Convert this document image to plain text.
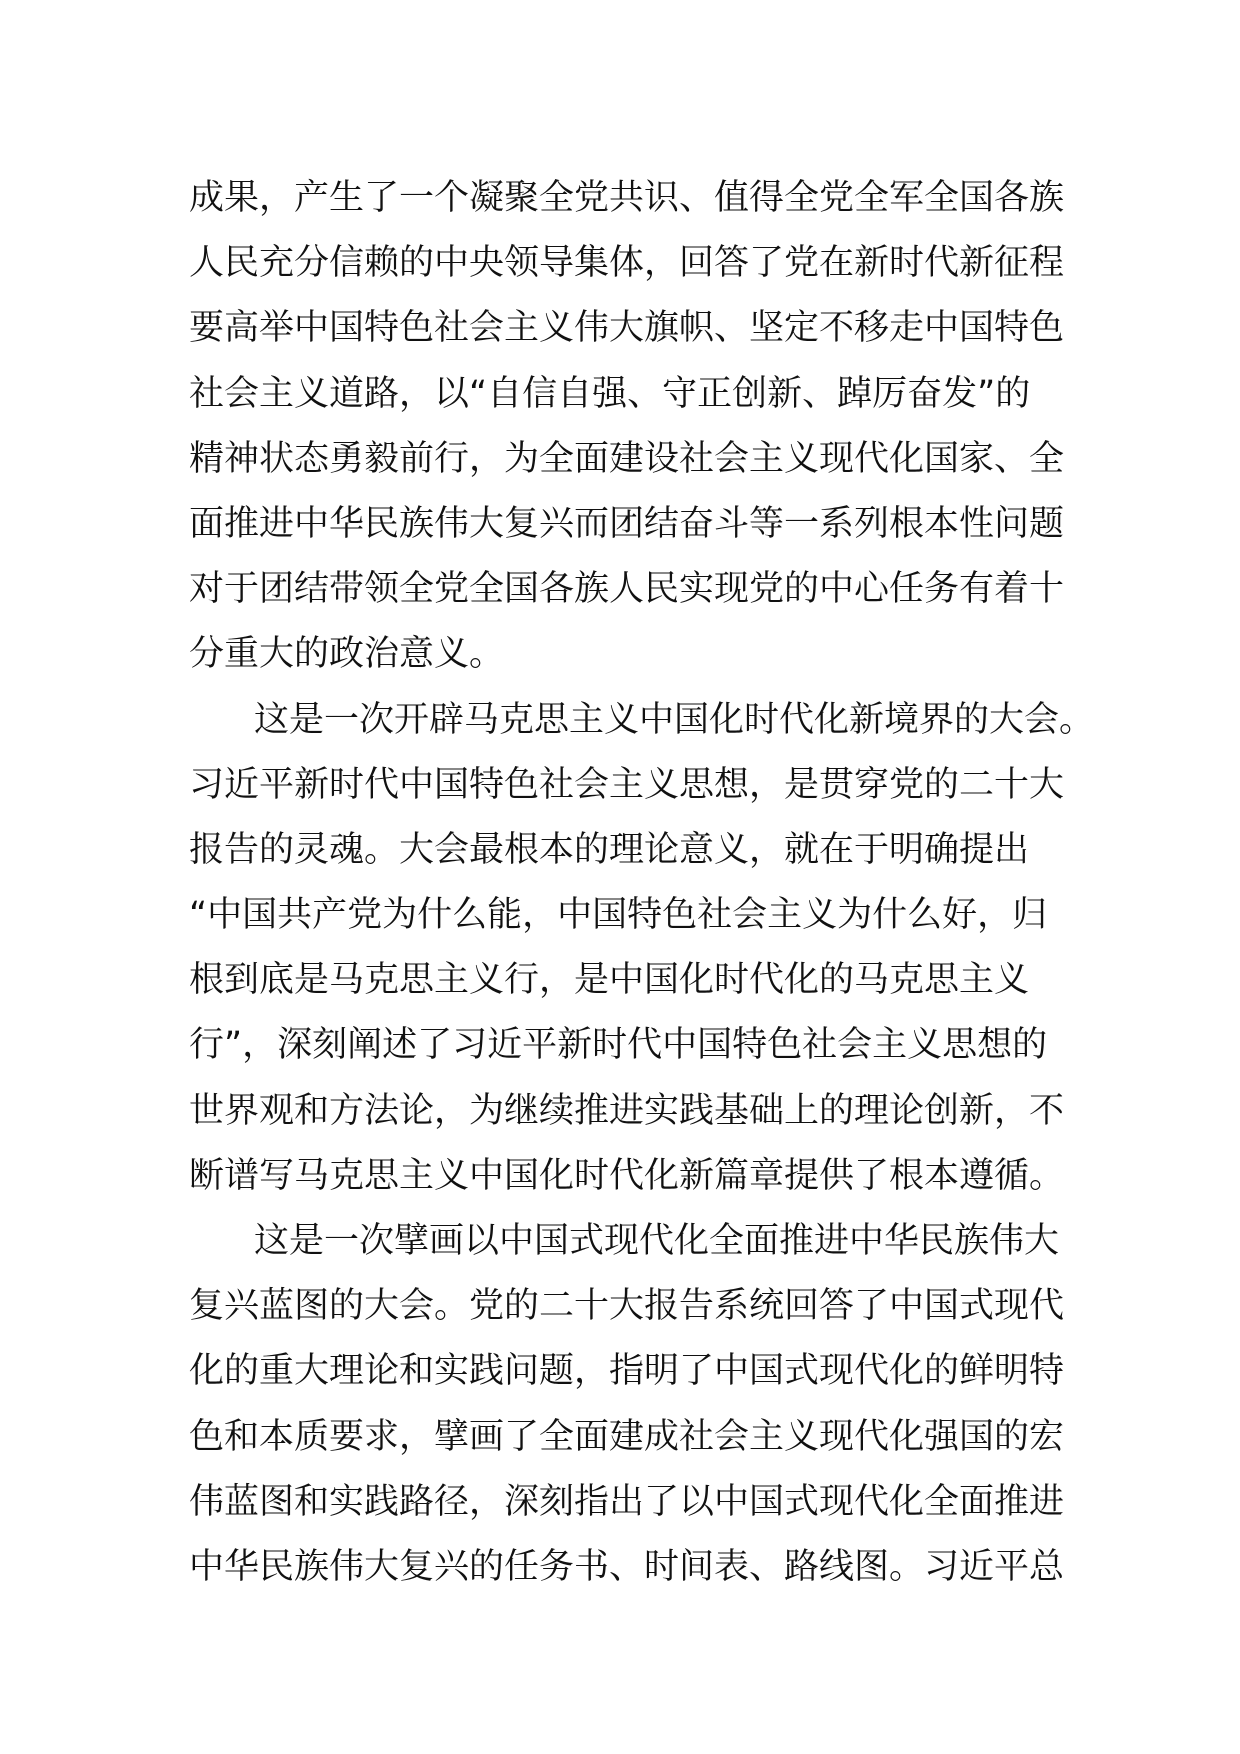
成果，产生了一个凝聚全党共识、值得全党全军全国各族
人民充分信赖的中央领导集体，回答了党在新时代新征程
要高举中国特色社会主义伟大旗帜、坚定不移走中国特色
社会主义道路，以“自信自强、守正创新、踔厉奋发”的
精神状态勇毅前行，为全面建设社会主义现代化国家、全
面推进中华民族伟大复兴而团结奋斗等一系列根本性问题
对于团结带领全党全国各族人民实现党的中心任务有着十
分重大的政治意义。
这是一次开辟马克思主义中国化时代化新境界的大会。
习近平新时代中国特色社会主义思想，是贯穿党的二十大
报告的灵魂。大会最根本的理论意义，就在于明确提出
“中国共产党为什么能，中国特色社会主义为什么好，归
根到底是马克思主义行，是中国化时代化的马克思主义
行”，深刻阐述了习近平新时代中国特色社会主义思想的
世界观和方法论，为继续推进实践基础上的理论创新，不
断谱写马克思主义中国化时代化新篇章提供了根本遵循。
这是一次擘画以中国式现代化全面推进中华民族伟大
复兴蓝图的大会。党的二十大报告系统回答了中国式现代
化的重大理论和实践问题，指明了中国式现代化的鲜明特
色和本质要求，擘画了全面建成社会主义现代化强国的宏
伟蓝图和实践路径，深刻指出了以中国式现代化全面推进
中华民族伟大复兴的任务书、时间表、路线图。习近平总
